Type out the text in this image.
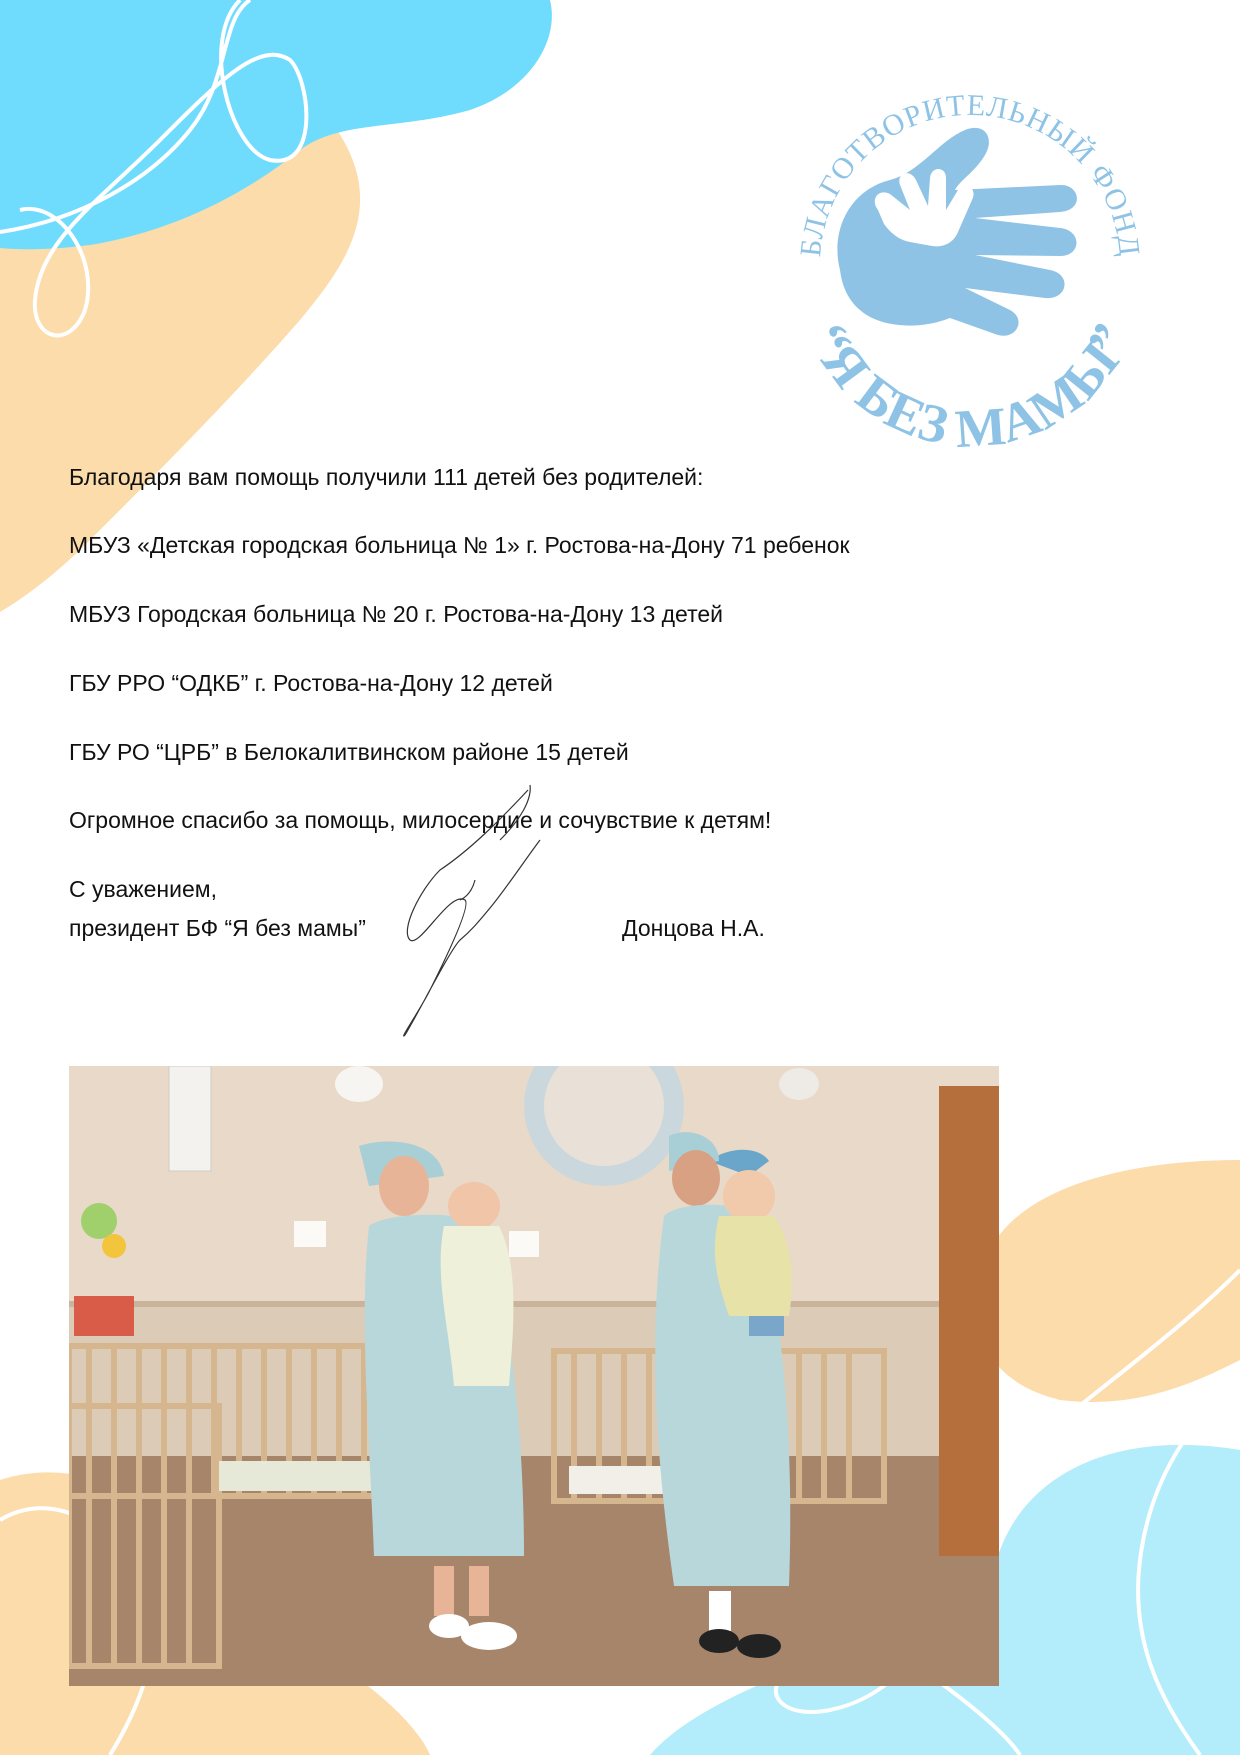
БЛАГОТВОРИТЕЛЬНЫЙ ФОНД
“Я БЕЗ МАМЫ”
Благодаря вам помощь получили 111 детей без родителей:
МБУЗ «Детская городская больница № 1» г. Ростова-на-Дону 71 ребенок
МБУЗ Городская больница № 20 г. Ростова-на-Дону 13 детей
ГБУ РРО “ОДКБ” г. Ростова-на-Дону 12 детей
ГБУ РО “ЦРБ” в Белокалитвинском районе 15 детей
Огромное спасибо за помощь, милосердие и сочувствие к детям!
С уважением,
президент БФ “Я без мамы”	Донцова Н.А.
